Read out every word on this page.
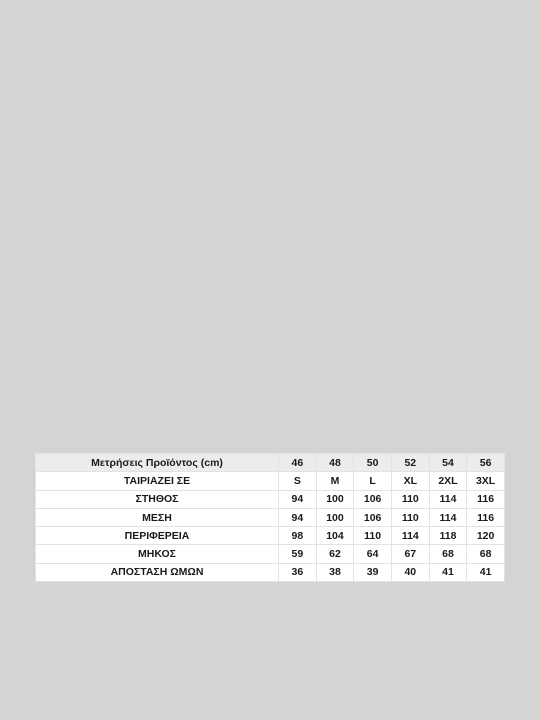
Μετρήσεις Προϊόντος (cm)	46	48	50	52	54	56
ΤΑΙΡΙΑΖΕΙ ΣΕ	S	M	L	XL	2XL	3XL
ΣΤΗΘΟΣ	94	100	106	110	114	116
ΜΕΣΗ	94	100	106	110	114	116
ΠΕΡΙΦΕΡΕΙΑ	98	104	110	114	118	120
ΜΗΚΟΣ	59	62	64	67	68	68
ΑΠΟΣΤΑΣΗ ΩΜΩΝ	36	38	39	40	41	41
